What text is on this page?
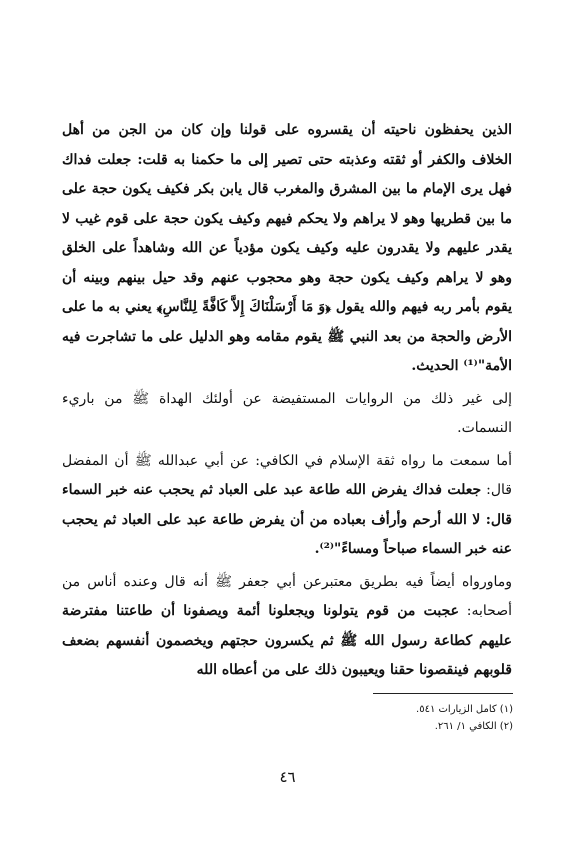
الذين يحفظون ناحيته أن يقسروه على قولنا وإن كان من الجن من أهل الخلاف والكفر أو ثقته وعذبته حتى تصير إلى ما حكمنا به قلت: جعلت فداك فهل يرى الإمام ما بين المشرق والمغرب قال يابن بكر فكيف يكون حجة على ما بين قطريها وهو لا يراهم ولا يحكم فيهم وكيف يكون حجة على قوم غيب لا يقدر عليهم ولا يقدرون عليه وكيف يكون مؤدياً عن الله وشاهداً على الخلق وهو لا يراهم وكيف يكون حجة وهو محجوب عنهم وقد حيل بينهم وبينه أن يقوم بأمر ربه فيهم والله يقول ﴿وَ مَا أَرْسَلْنَاكَ إِلاَّ كَافَّةً لِلنَّاسِ﴾ يعني به ما على الأرض والحجة من بعد النبي ﷺ يقوم مقامه وهو الدليل على ما تشاجرت فيه الأمة"⁽¹⁾ الحديث.

إلى غير ذلك من الروايات المستفيضة عن أولئك الهداة ﷺ من باريء النسمات.

أما سمعت ما رواه ثقة الإسلام في الكافي: عن أبي عبدالله ﷺ أن المفضل قال: جعلت فداك يفرض الله طاعة عبد على العباد ثم يحجب عنه خبر السماء قال: لا الله أرحم وأرأف بعباده من أن يفرض طاعة عبد على العباد ثم يحجب عنه خبر السماء صباحاً ومساءً"⁽²⁾.

وماورواه أيضاً فيه بطريق معتبرعن أبي جعفر ﷺ أنه قال وعنده أناس من أصحابه: عجبت من قوم يتولونا ويجعلونا أئمة ويصفونا أن طاعتنا مفترضة عليهم كطاعة رسول الله ﷺ ثم يكسرون حجتهم ويخصمون أنفسهم بضعف قلوبهم فينقصونا حقنا ويعيبون ذلك على من أعطاه الله

(١) كامل الزيارات ٥٤١.
(٢) الكافي ١/ ٢٦١.
٤٦
